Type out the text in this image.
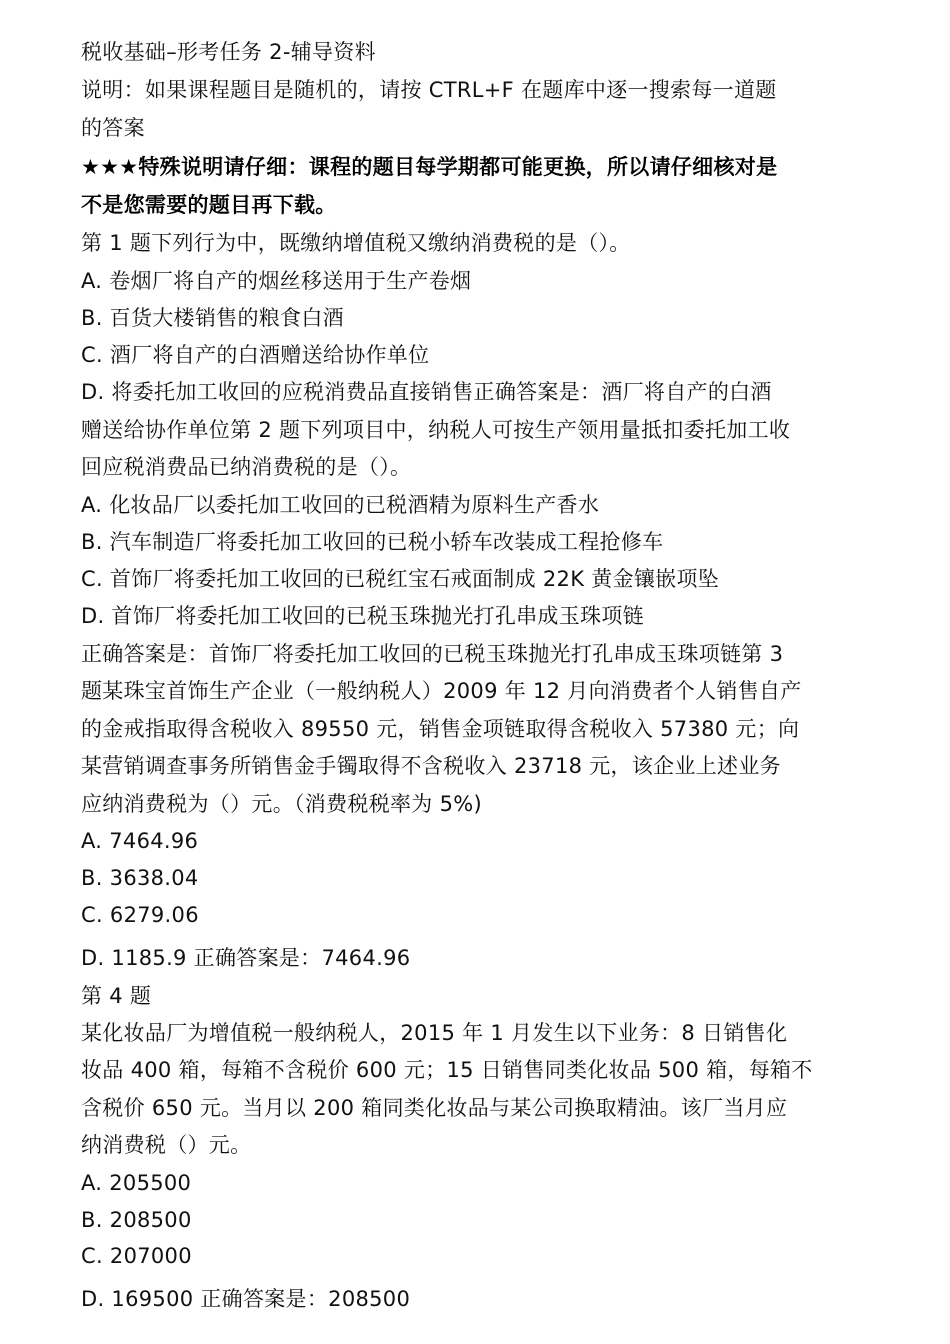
税收基础–形考任务 2-辅导资料
说明：如果课程题目是随机的，请按 CTRL+F 在题库中逐一搜索每一道题
的答案
★★★特殊说明请仔细：课程的题目每学期都可能更换，所以请仔细核对是
不是您需要的题目再下载。
第 1 题下列行为中，既缴纳增值税又缴纳消费税的是（）。
A. 卷烟厂将自产的烟丝移送用于生产卷烟
B. 百货大楼销售的粮食白酒
C. 酒厂将自产的白酒赠送给协作单位
D. 将委托加工收回的应税消费品直接销售正确答案是：酒厂将自产的白酒
赠送给协作单位第 2 题下列项目中，纳税人可按生产领用量抵扣委托加工收
回应税消费品已纳消费税的是（）。
A. 化妆品厂以委托加工收回的已税酒精为原料生产香水
B. 汽车制造厂将委托加工收回的已税小轿车改装成工程抢修车
C. 首饰厂将委托加工收回的已税红宝石戒面制成 22K 黄金镶嵌项坠
D. 首饰厂将委托加工收回的已税玉珠抛光打孔串成玉珠项链
正确答案是：首饰厂将委托加工收回的已税玉珠抛光打孔串成玉珠项链第 3
题某珠宝首饰生产企业（一般纳税人）2009 年 12 月向消费者个人销售自产
的金戒指取得含税收入 89550 元，销售金项链取得含税收入 57380 元；向
某营销调查事务所销售金手镯取得不含税收入 23718 元，该企业上述业务
应纳消费税为（）元。（消费税税率为 5%)
A. 7464.96
B. 3638.04
C. 6279.06
D. 1185.9 正确答案是：7464.96
第 4 题
某化妆品厂为增值税一般纳税人，2015 年 1 月发生以下业务：8 日销售化
妆品 400 箱，每箱不含税价 600 元；15 日销售同类化妆品 500 箱，每箱不
含税价 650 元。当月以 200 箱同类化妆品与某公司换取精油。该厂当月应
纳消费税（）元。
A. 205500
B. 208500
C. 207000
D. 169500 正确答案是：208500
